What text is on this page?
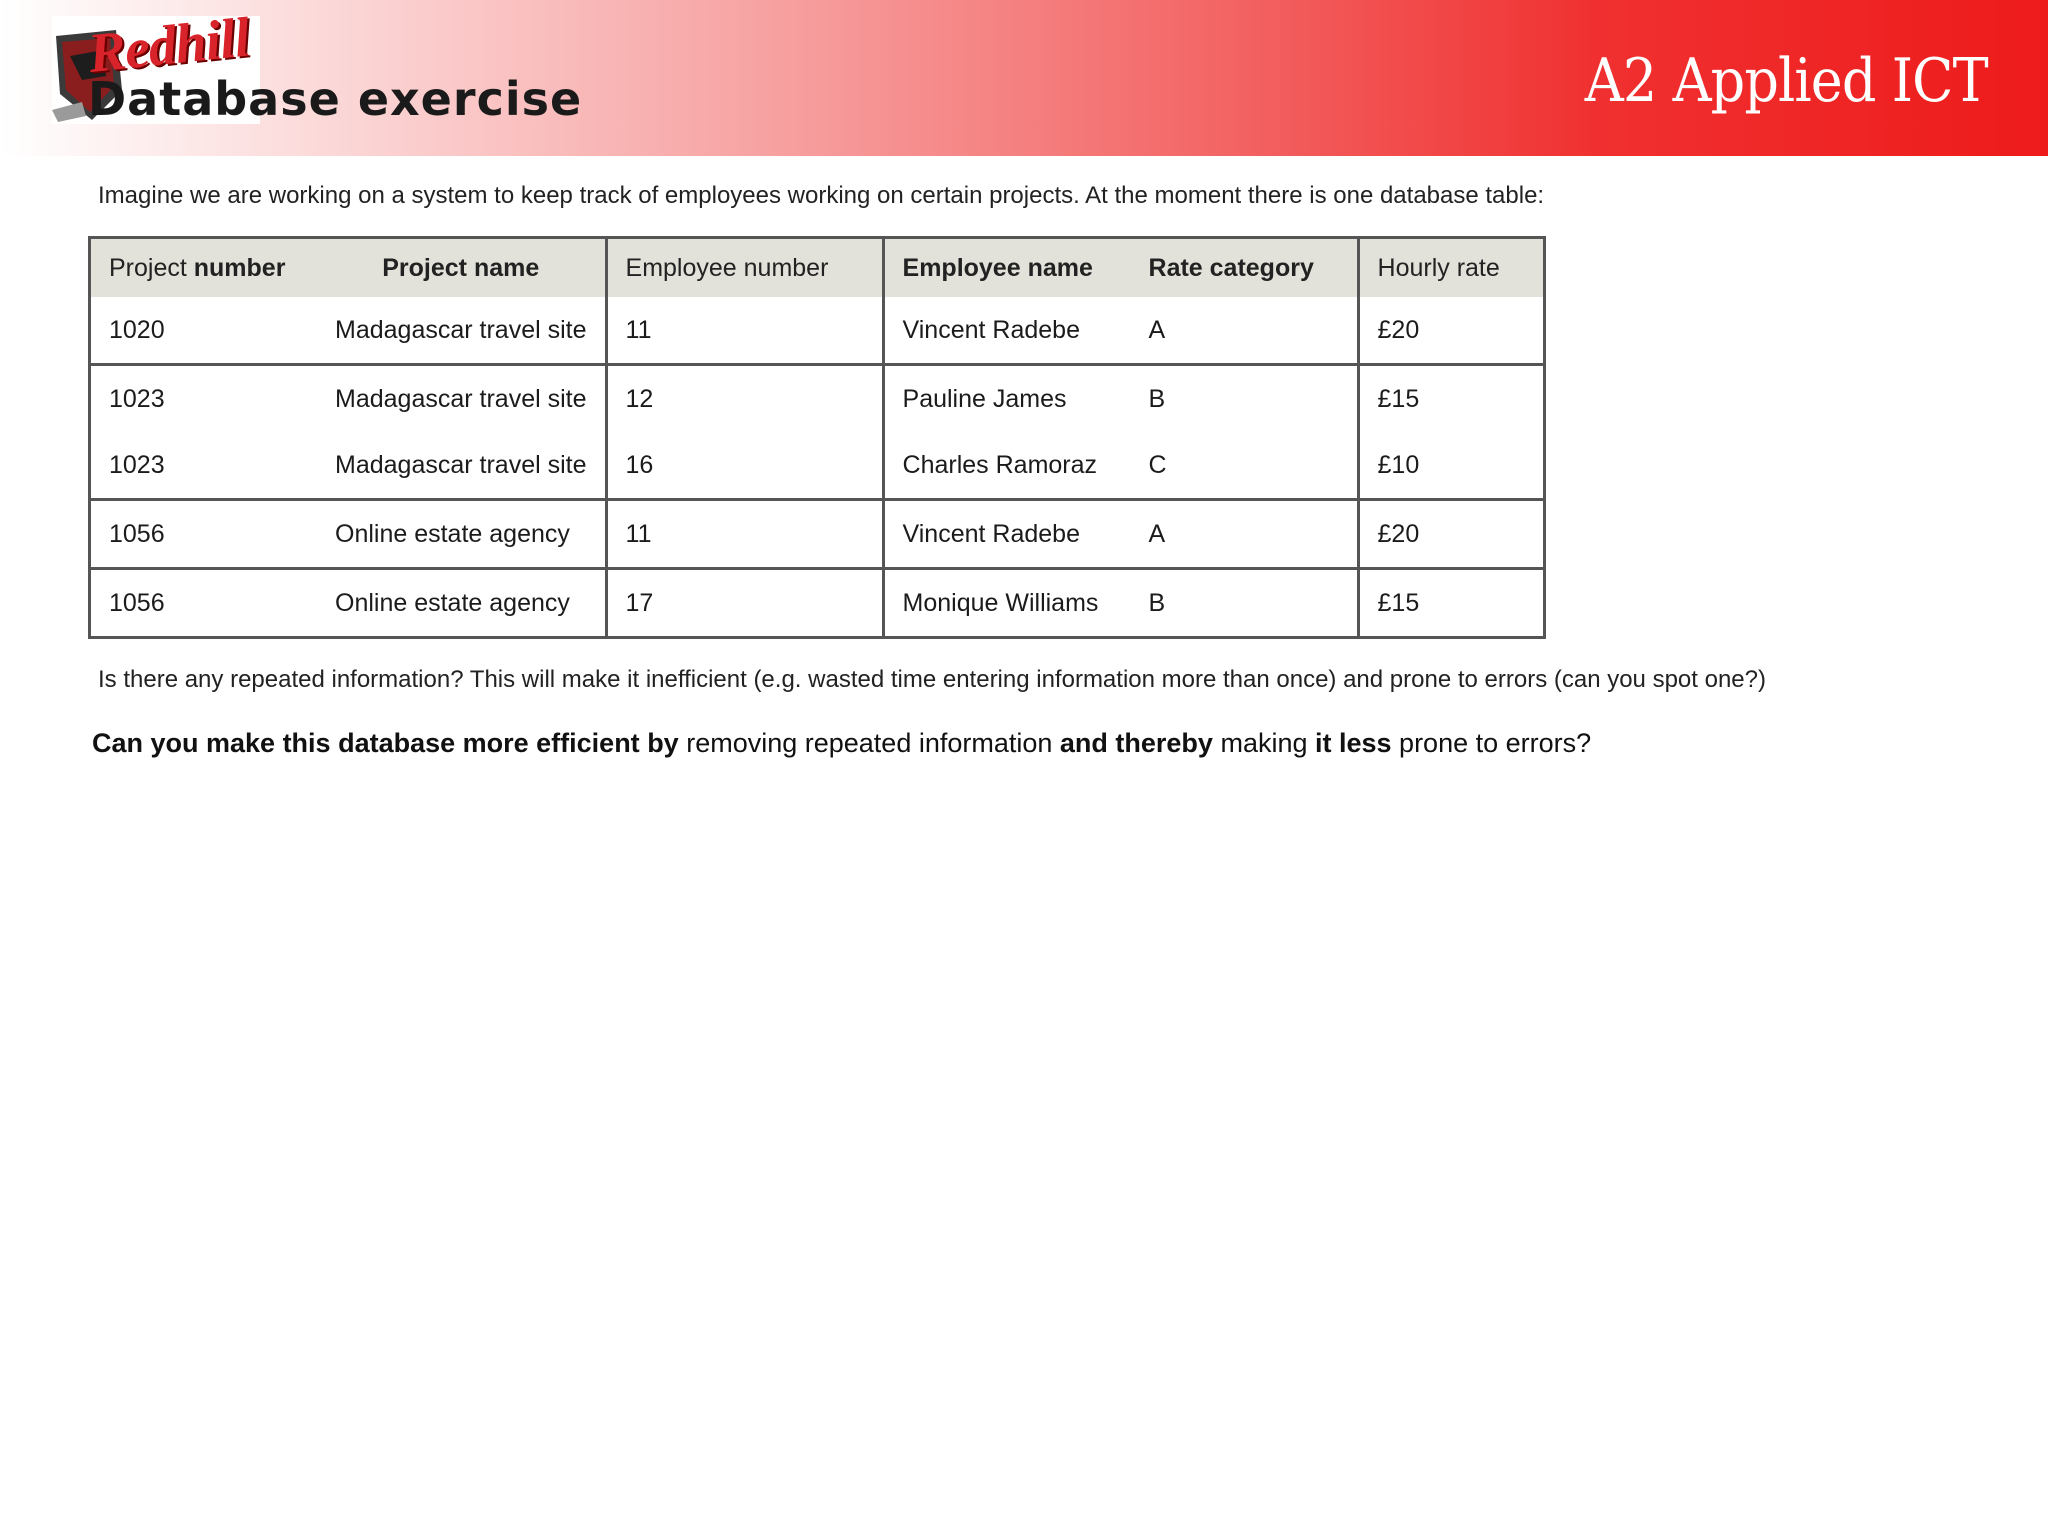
Redhill
Database exercise	A2 Applied ICT
Imagine we are working on a system to keep track of employees working on certain projects. At the moment there is one database table:
Project number	Project name	Employee number	Employee name	Rate category	Hourly rate
1020	Madagascar travel site	11	Vincent Radebe	A	£20
1023	Madagascar travel site	12	Pauline James	B	£15
1023	Madagascar travel site	16	Charles Ramoraz	C	£10
1056	Online estate agency	11	Vincent Radebe	A	£20
1056	Online estate agency	17	Monique Williams	B	£15
Is there any repeated information? This will make it inefficient (e.g. wasted time entering information more than once) and prone to errors (can you spot one?)
Can you make this database more efficient by removing repeated information and thereby making it less prone to errors?
